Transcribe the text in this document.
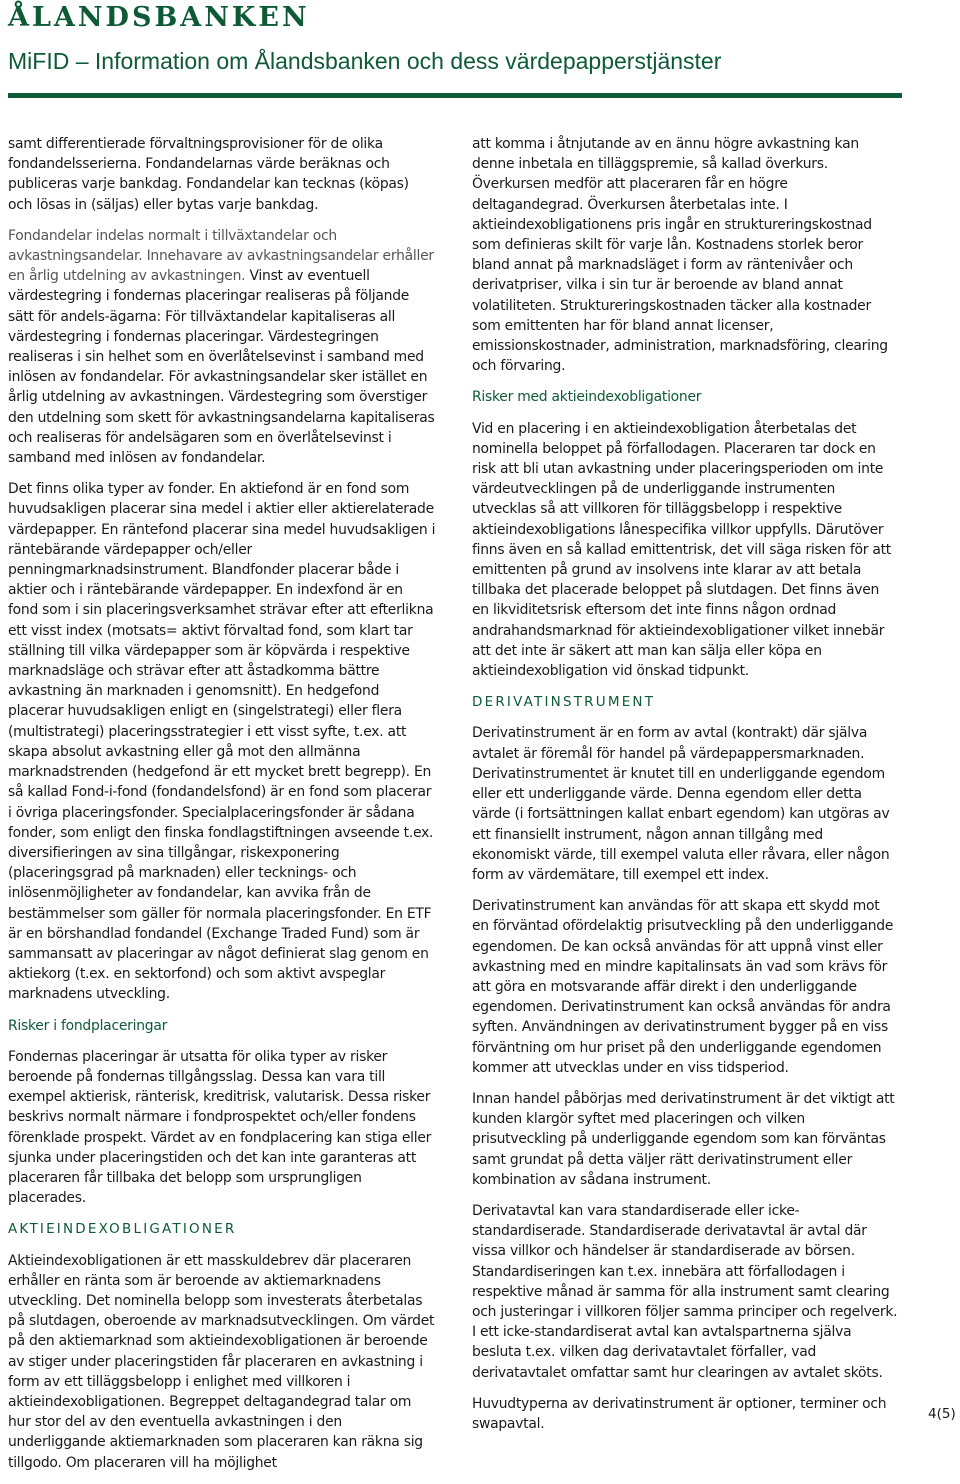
ÅLANDSBANKEN
MiFID – Information om Ålandsbanken och dess värdepapperstjänster

samt differentierade förvaltningsprovisioner för de olika fondandelsserierna. Fondandelarnas värde beräknas och publiceras varje bankdag. Fondandelar kan tecknas (köpas) och lösas in (säljas) eller bytas varje bankdag.

Fondandelar indelas normalt i tillväxtandelar och avkastningsandelar. Innehavare av avkastningsandelar erhåller en årlig utdelning av avkastningen. Vinst av eventuell värdestegring i fondernas placeringar realiseras på följande sätt för andels-ägarna: För tillväxtandelar kapitaliseras all värdestegring i fondernas placeringar. Värdestegringen realiseras i sin helhet som en överlåtelsevinst i samband med inlösen av fondandelar. För avkastningsandelar sker istället en årlig utdelning av avkastningen. Värdestegring som överstiger den utdelning som skett för avkastningsandelarna kapitaliseras och realiseras för andelsägaren som en överlåtelsevinst i samband med inlösen av fondandelar.

Det finns olika typer av fonder. En aktiefond är en fond som huvudsakligen placerar sina medel i aktier eller aktierelaterade värdepapper. En räntefond placerar sina medel huvudsakligen i räntebärande värdepapper och/eller penningmarknadsinstrument. Blandfonder placerar både i aktier och i räntebärande värdepapper. En indexfond är en fond som i sin placeringsverksamhet strävar efter att efterlikna ett visst index (motsats= aktivt förvaltad fond, som klart tar ställning till vilka värdepapper som är köpvärda i respektive marknadsläge och strävar efter att åstadkomma bättre avkastning än marknaden i genomsnitt). En hedgefond placerar huvudsakligen enligt en (singelstrategi) eller flera (multistrategi) placeringsstrategier i ett visst syfte, t.ex. att skapa absolut avkastning eller gå mot den allmänna marknadstrenden (hedgefond är ett mycket brett begrepp). En så kallad Fond-i-fond (fondandelsfond) är en fond som placerar i övriga placeringsfonder. Specialplaceringsfonder är sådana fonder, som enligt den finska fondlagstiftningen avseende t.ex. diversifieringen av sina tillgångar, riskexponering (placeringsgrad på marknaden) eller tecknings- och inlösenmöjligheter av fondandelar, kan avvika från de bestämmelser som gäller för normala placeringsfonder. En ETF är en börshandlad fondandel (Exchange Traded Fund) som är sammansatt av placeringar av något definierat slag genom en aktiekorg (t.ex. en sektorfond) och som aktivt avspeglar marknadens utveckling.

Risker i fondplaceringar

Fondernas placeringar är utsatta för olika typer av risker beroende på fondernas tillgångsslag. Dessa kan vara till exempel aktierisk, ränterisk, kreditrisk, valutarisk. Dessa risker beskrivs normalt närmare i fondprospektet och/eller fondens förenklade prospekt. Värdet av en fondplacering kan stiga eller sjunka under placeringstiden och det kan inte garanteras att placeraren får tillbaka det belopp som ursprungligen placerades.

AKTIEINDEXOBLIGATIONER

Aktieindexobligationen är ett masskuldebrev där placeraren erhåller en ränta som är beroende av aktiemarknadens utveckling. Det nominella belopp som investerats återbetalas på slutdagen, oberoende av marknadsutvecklingen. Om värdet på den aktiemarknad som aktieindexobligationen är beroende av stiger under placeringstiden får placeraren en avkastning i form av ett tilläggsbelopp i enlighet med villkoren i aktieindexobligationen. Begreppet deltagandegrad talar om hur stor del av den eventuella avkastningen i den underliggande aktiemarknaden som placeraren kan räkna sig tillgodo. Om placeraren vill ha möjlighet

att komma i åtnjutande av en ännu högre avkastning kan denne inbetala en tilläggspremie, så kallad överkurs. Överkursen medför att placeraren får en högre deltagandegrad. Överkursen återbetalas inte. I aktieindexobligationens pris ingår en struktureringskostnad som definieras skilt för varje lån. Kostnadens storlek beror bland annat på marknadsläget i form av räntenivåer och derivatpriser, vilka i sin tur är beroende av bland annat volatiliteten. Struktureringskostnaden täcker alla kostnader som emittenten har för bland annat licenser, emissionskostnader, administration, marknadsföring, clearing och förvaring.

Risker med aktieindexobligationer

Vid en placering i en aktieindexobligation återbetalas det nominella beloppet på förfallodagen. Placeraren tar dock en risk att bli utan avkastning under placeringsperioden om inte värdeutvecklingen på de underliggande instrumenten utvecklas så att villkoren för tilläggsbelopp i respektive aktieindexobligations lånespecifika villkor uppfylls. Därutöver finns även en så kallad emittentrisk, det vill säga risken för att emittenten på grund av insolvens inte klarar av att betala tillbaka det placerade beloppet på slutdagen. Det finns även en likviditetsrisk eftersom det inte finns någon ordnad andrahandsmarknad för aktieindexobligationer vilket innebär att det inte är säkert att man kan sälja eller köpa en aktieindexobligation vid önskad tidpunkt.

DERIVATINSTRUMENT

Derivatinstrument är en form av avtal (kontrakt) där själva avtalet är föremål för handel på värdepappersmarknaden. Derivatinstrumentet är knutet till en underliggande egendom eller ett underliggande värde. Denna egendom eller detta värde (i fortsättningen kallat enbart egendom) kan utgöras av ett finansiellt instrument, någon annan tillgång med ekonomiskt värde, till exempel valuta eller råvara, eller någon form av värdemätare, till exempel ett index.

Derivatinstrument kan användas för att skapa ett skydd mot en förväntad ofördelaktig prisutveckling på den underliggande egendomen. De kan också användas för att uppnå vinst eller avkastning med en mindre kapitalinsats än vad som krävs för att göra en motsvarande affär direkt i den underliggande egendomen. Derivatinstrument kan också användas för andra syften. Användningen av derivatinstrument bygger på en viss förväntning om hur priset på den underliggande egendomen kommer att utvecklas under en viss tidsperiod.

Innan handel påbörjas med derivatinstrument är det viktigt att kunden klargör syftet med placeringen och vilken prisutveckling på underliggande egendom som kan förväntas samt grundat på detta väljer rätt derivatinstrument eller kombination av sådana instrument.

Derivatavtal kan vara standardiserade eller icke-standardiserade. Standardiserade derivatavtal är avtal där vissa villkor och händelser är standardiserade av börsen. Standardiseringen kan t.ex. innebära att förfallodagen i respektive månad är samma för alla instrument samt clearing och justeringar i villkoren följer samma principer och regelverk. I ett icke-standardiserat avtal kan avtalspartnerna själva besluta t.ex. vilken dag derivatavtalet förfaller, vad derivatavtalet omfattar samt hur clearingen av avtalet sköts.

Huvudtyperna av derivatinstrument är optioner, terminer och swapavtal.

4(5)
